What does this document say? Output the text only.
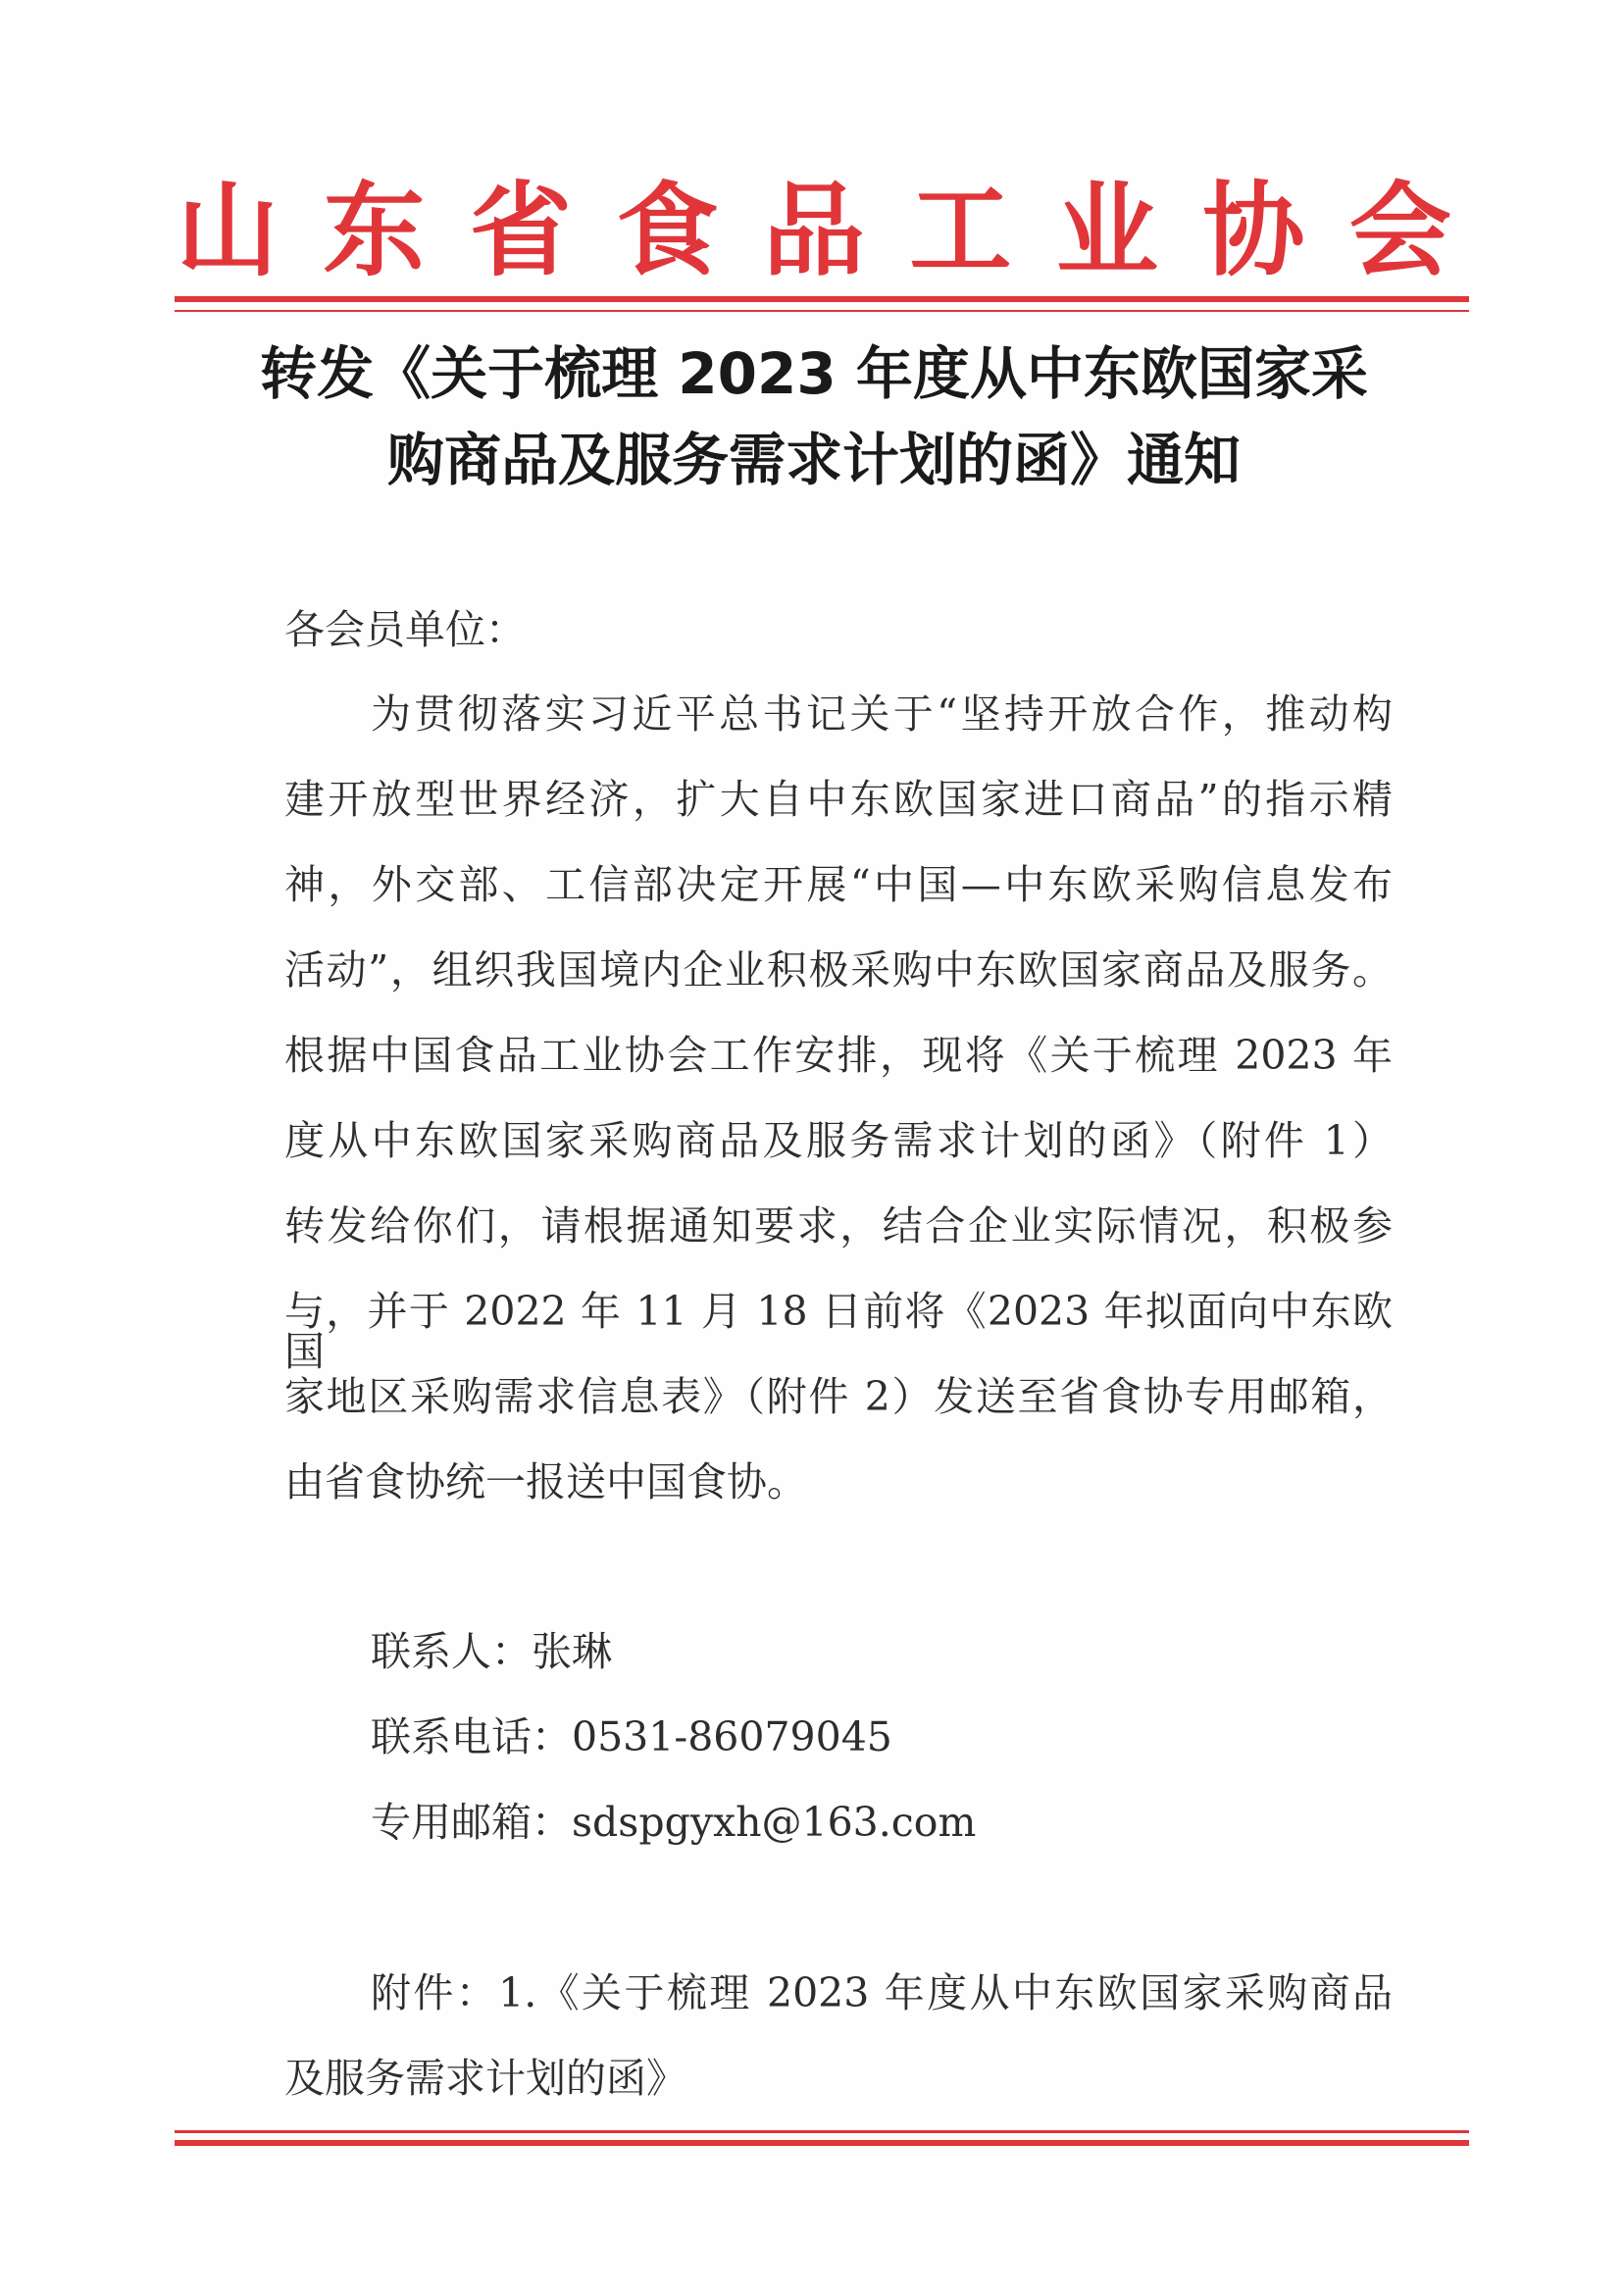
山 东 省 食 品 工 业 协 会
转发《关于梳理 2023 年度从中东欧国家采
购商品及服务需求计划的函》通知
各会员单位：
为贯彻落实习近平总书记关于“坚持开放合作，推动构
建开放型世界经济，扩大自中东欧国家进口商品”的指示精
神，外交部、工信部决定开展“中国—中东欧采购信息发布
活动”，组织我国境内企业积极采购中东欧国家商品及服务。
根据中国食品工业协会工作安排，现将《关于梳理 2023 年
度从中东欧国家采购商品及服务需求计划的函》（附件 1）
转发给你们，请根据通知要求，结合企业实际情况，积极参
与，并于 2022 年 11 月 18 日前将《2023 年拟面向中东欧国
家地区采购需求信息表》（附件 2）发送至省食协专用邮箱，
由省食协统一报送中国食协。
联系人：张琳
联系电话：0531-86079045
专用邮箱：sdspgyxh@163.com
附件：1.《关于梳理 2023 年度从中东欧国家采购商品
及服务需求计划的函》
